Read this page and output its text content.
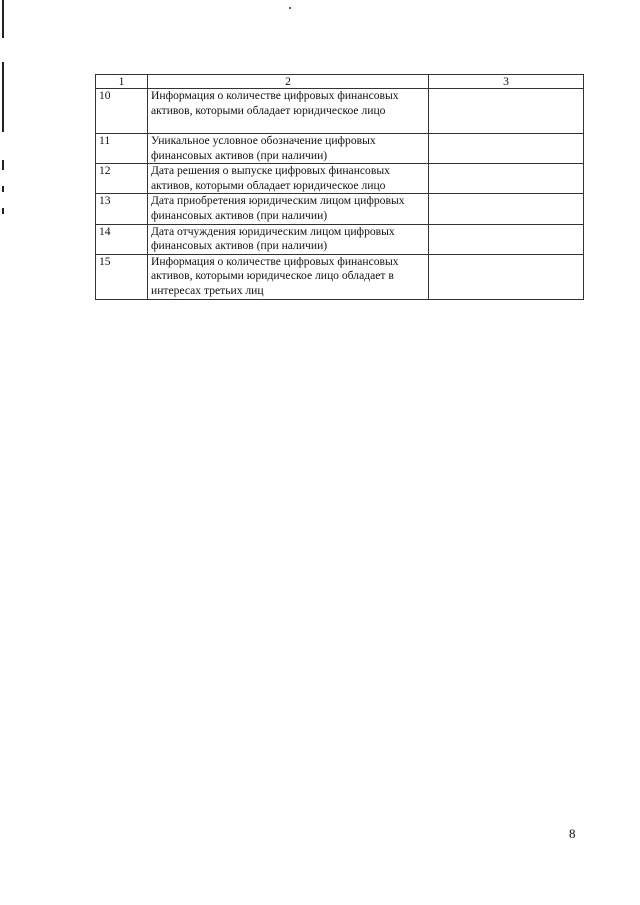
1	2	3
10	Информация о количестве цифровых финансовых активов, которыми обладает юридическое лицо	
11	Уникальное условное обозначение цифровых финансовых активов (при наличии)	
12	Дата решения о выпуске цифровых финансовых активов, которыми обладает юридическое лицо	
13	Дата приобретения юридическим лицом цифровых финансовых активов (при наличии)	
14	Дата отчуждения юридическим лицом цифровых финансовых активов (при наличии)	
15	Информация о количестве цифровых финансовых активов, которыми юридическое лицо обладает в интересах третьих лиц	
8
